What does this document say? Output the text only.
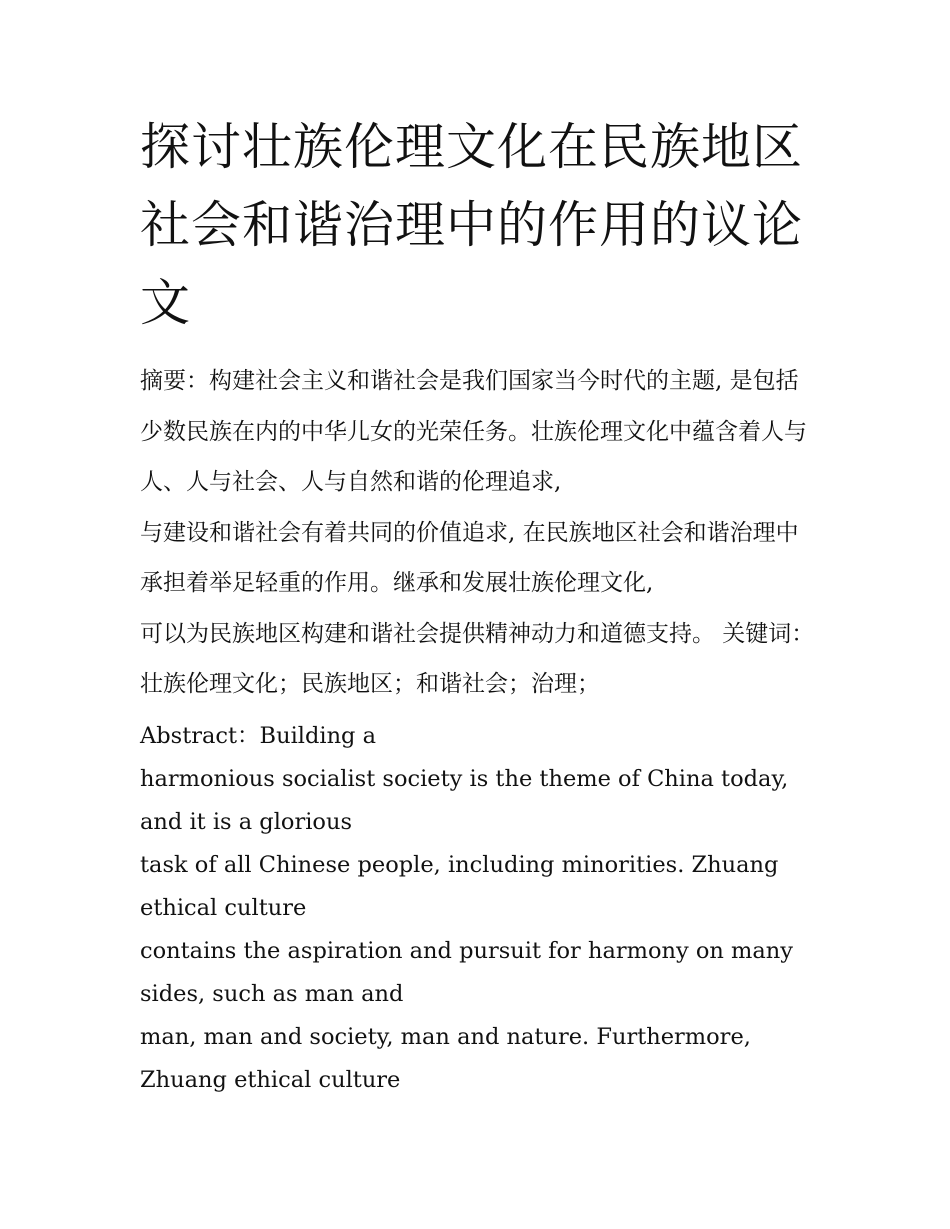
探讨壮族伦理文化在民族地区社会和谐治理中的作用的议论文
摘要：构建社会主义和谐社会是我们国家当今时代的主题, 是包括少数民族在内的中华儿女的光荣任务。壮族伦理文化中蕴含着人与人、人与社会、人与自然和谐的伦理追求,
与建设和谐社会有着共同的价值追求, 在民族地区社会和谐治理中承担着举足轻重的作用。继承和发展壮族伦理文化,
可以为民族地区构建和谐社会提供精神动力和道德支持。 关键词：壮族伦理文化；民族地区；和谐社会；治理；
Abstract：Building a
harmonious socialist society is the theme of China today, and it is a glorious
task of all Chinese people, including minorities. Zhuang ethical culture
contains the aspiration and pursuit for harmony on many sides, such as man and
man, man and society, man and nature. Furthermore, Zhuang ethical culture
